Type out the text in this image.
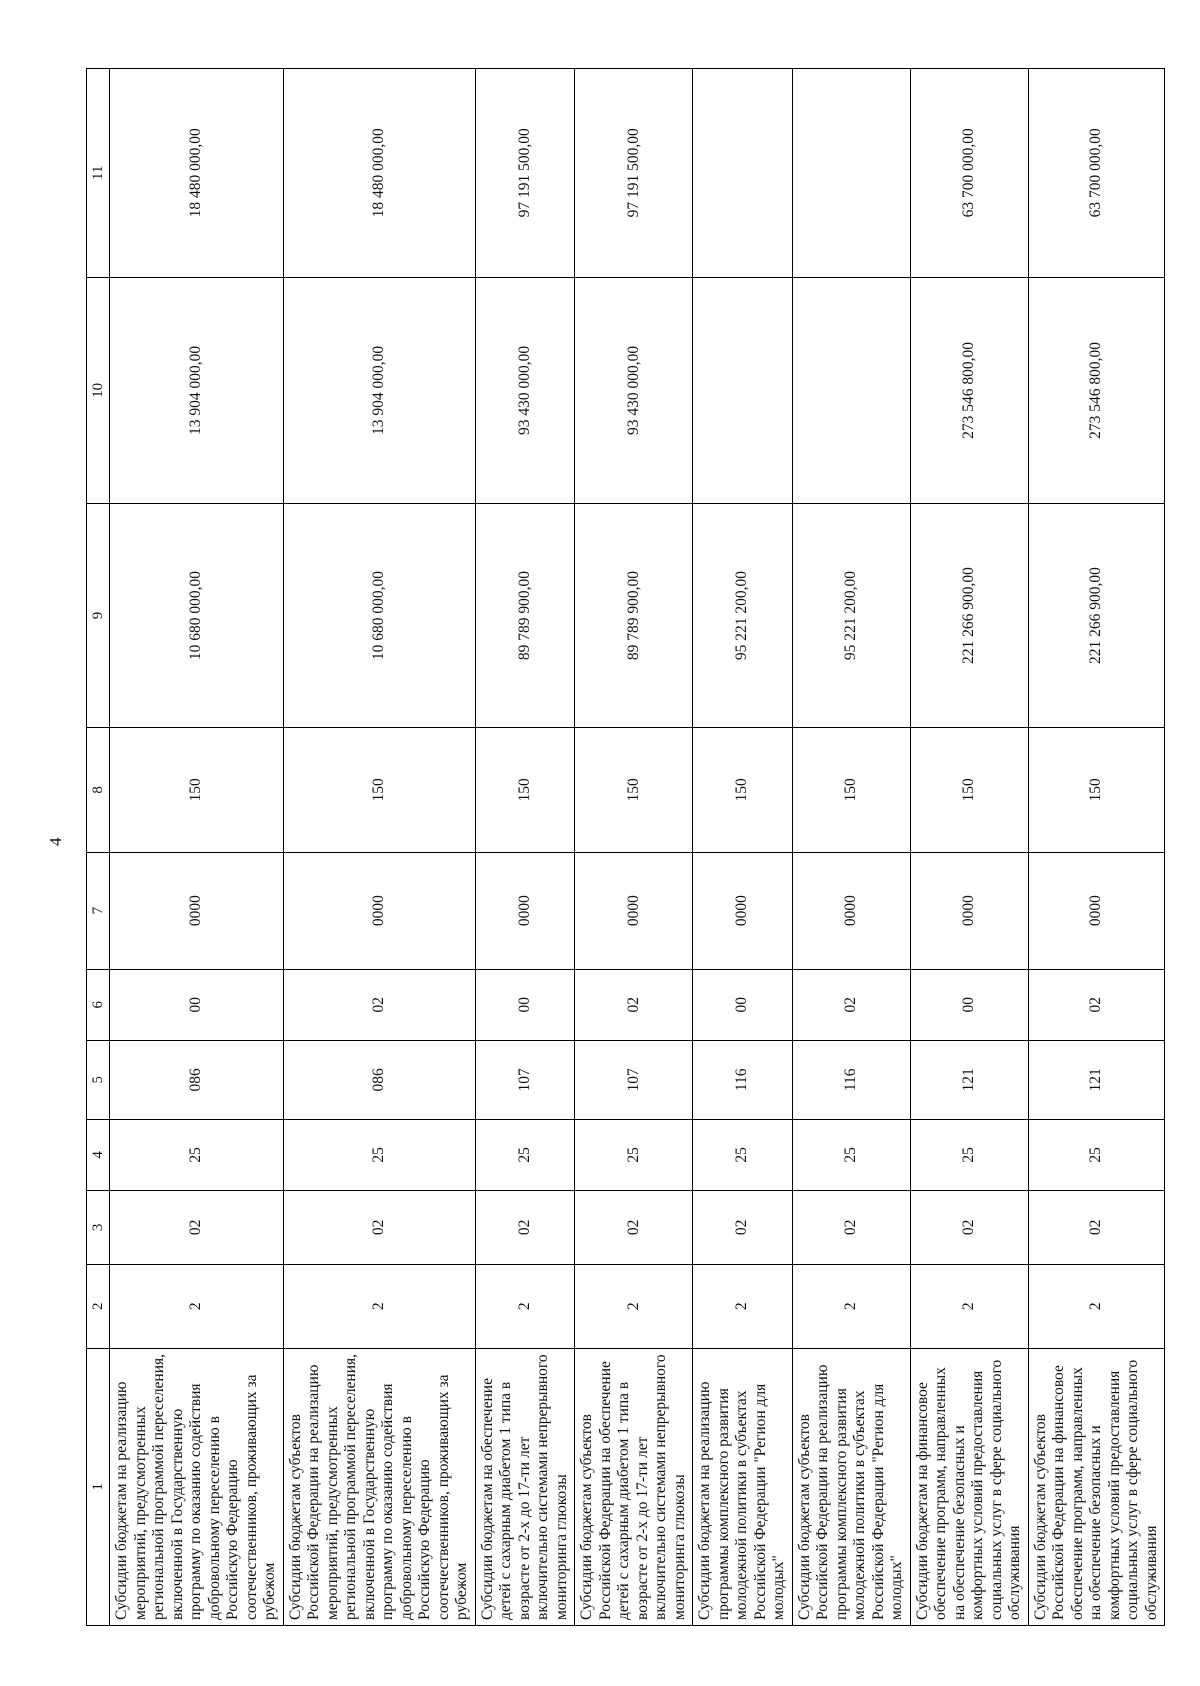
4
1	2	3	4	5	6	7	8	9	10	11
Субсидии бюджетам на реализацию мероприятий, предусмотренных региональной программой переселения, включенной в Государственную программу по оказанию содействия добровольному переселению в Российскую Федерацию соотечественников, проживающих за рубежом	2	02	25	086	00	0000	150	10 680 000,00	13 904 000,00	18 480 000,00
Субсидии бюджетам субъектов Российской Федерации на реализацию мероприятий, предусмотренных региональной программой переселения, включенной в Государственную программу по оказанию содействия добровольному переселению в Российскую Федерацию соотечественников, проживающих за рубежом	2	02	25	086	02	0000	150	10 680 000,00	13 904 000,00	18 480 000,00
Субсидии бюджетам на обеспечение детей с сахарным диабетом 1 типа в возрасте от 2-х до 17-ти лет включительно системами непрерывного мониторинга глюкозы	2	02	25	107	00	0000	150	89 789 900,00	93 430 000,00	97 191 500,00
Субсидии бюджетам субъектов Российской Федерации на обеспечение детей с сахарным диабетом 1 типа в возрасте от 2-х до 17-ти лет включительно системами непрерывного мониторинга глюкозы	2	02	25	107	02	0000	150	89 789 900,00	93 430 000,00	97 191 500,00
Субсидии бюджетам на реализацию программы комплексного развития молодежной политики в субъектах Российской Федерации "Регион для молодых"	2	02	25	116	00	0000	150	95 221 200,00		
Субсидии бюджетам субъектов Российской Федерации на реализацию программы комплексного развития молодежной политики в субъектах Российской Федерации "Регион для молодых"	2	02	25	116	02	0000	150	95 221 200,00		
Субсидии бюджетам на финансовое обеспечение программ, направленных на обеспечение безопасных и комфортных условий предоставления социальных услуг в сфере социального обслуживания	2	02	25	121	00	0000	150	221 266 900,00	273 546 800,00	63 700 000,00
Субсидии бюджетам субъектов Российской Федерации на финансовое обеспечение программ, направленных на обеспечение безопасных и комфортных условий предоставления социальных услуг в сфере социального обслуживания	2	02	25	121	02	0000	150	221 266 900,00	273 546 800,00	63 700 000,00
